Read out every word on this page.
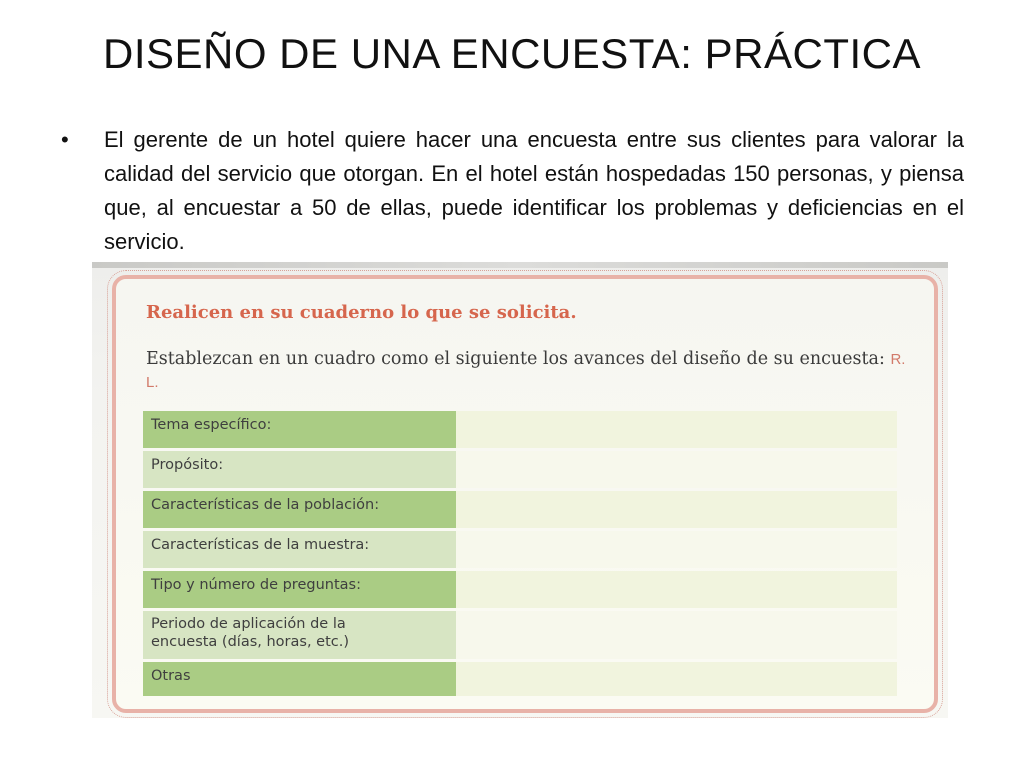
DISEÑO DE UNA ENCUESTA: PRÁCTICA
•	El gerente de un hotel quiere hacer una encuesta entre sus clientes para valorar la calidad del servicio que otorgan. En el hotel están hospedadas 150 personas, y piensa que, al encuestar a 50 de ellas, puede identificar los problemas y deficiencias en el servicio.
Realicen en su cuaderno lo que se solicita.
Establezcan en un cuadro como el siguiente los avances del diseño de su encuesta: R. L.
Tema específico:
Propósito:
Características de la población:
Características de la muestra:
Tipo y número de preguntas:
Periodo de aplicación de la encuesta (días, horas, etc.)
Otras
